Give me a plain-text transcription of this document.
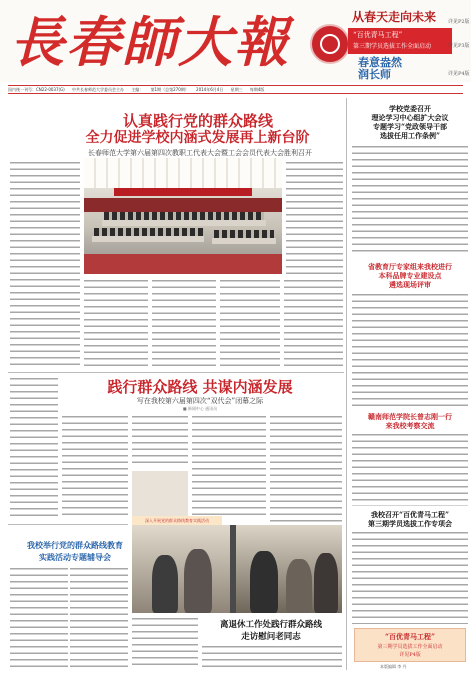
長春師大報	从春天走向未来
“百优青马工程”
第三期学员选拔工作全面启动
春意盎然
润长师
详见P2版
详见P3版
详见P4版
国内统一刊号：CN22-0037(G) 中共长春师范大学委员会主办 主编： 第1期（总第270期） 2014年6月4日 星期三 每期4版
认真践行党的群众路线
全力促进学校内涵式发展再上新台阶
长春师范大学第六届第四次教职工代表大会暨工会会员代表大会胜利召开
学校党委召开
理论学习中心组扩大会议
专题学习“党政领导干部
选拔任用工作条例”
省教育厅专家组来我校进行
本科品牌专业建设点
遴选现场评审
赣南师范学院长曾志刚一行
来我校考察交流
我校召开“百优青马工程”
第三期学员选拔工作专项会
“百优青马工程”
第三期学员选拔工作全面启动
详见P4版
本版编辑 李 丹
践行群众路线 共谋内涵发展
写在我校第六届第四次“双代会”闭幕之际
■ 新闻中心 通讯员
深入开展党的群众路线教育实践活动
我校举行党的群众路线教育
实践活动专题辅导会
离退休工作处践行群众路线
走访慰问老同志
